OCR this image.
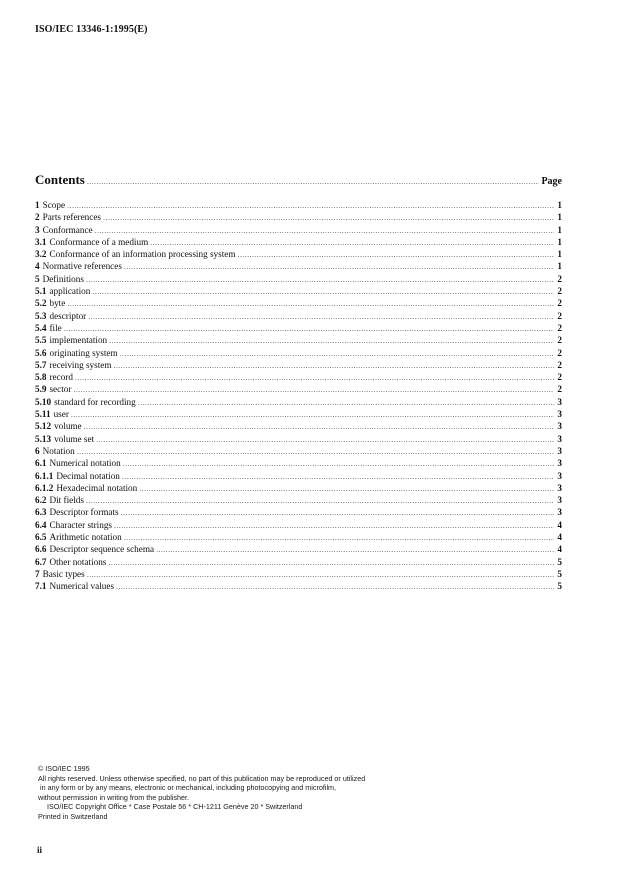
ISO/IEC 13346-1:1995(E)
Contents .....	Page
1 Scope .....	1
2 Parts references .....	1
3 Conformance .....	1
3.1 Conformance of a medium .....	1
3.2 Conformance of an information processing system .....	1
4 Normative references .....	1
5 Definitions .....	2
5.1 application .....	2
5.2 byte .....	2
5.3 descriptor .....	2
5.4 file .....	2
5.5 implementation .....	2
5.6 originating system .....	2
5.7 receiving system .....	2
5.8 record .....	2
5.9 sector .....	2
5.10 standard for recording .....	3
5.11 user .....	3
5.12 volume .....	3
5.13 volume set .....	3
6 Notation .....	3
6.1 Numerical notation .....	3
6.1.1 Decimal notation .....	3
6.1.2 Hexadecimal notation .....	3
6.2 Dit fields .....	3
6.3 Descriptor formats .....	3
6.4 Character strings .....	4
6.5 Arithmetic notation .....	4
6.6 Descriptor sequence schema .....	4
6.7 Other notations .....	5
7 Basic types .....	5
7.1 Numerical values .....	5
© ISO/IEC 1995
All rights reserved. Unless otherwise specified, no part of this publication may be reproduced or utilized
in any form or by any means, electronic or mechanical, including photocopying and microfilm,
without permission in writing from the publisher.
ISO/IEC Copyright Office * Case Postale 56 * CH-1211 Genève 20 * Switzerland
Printed in Switzerland
ii
